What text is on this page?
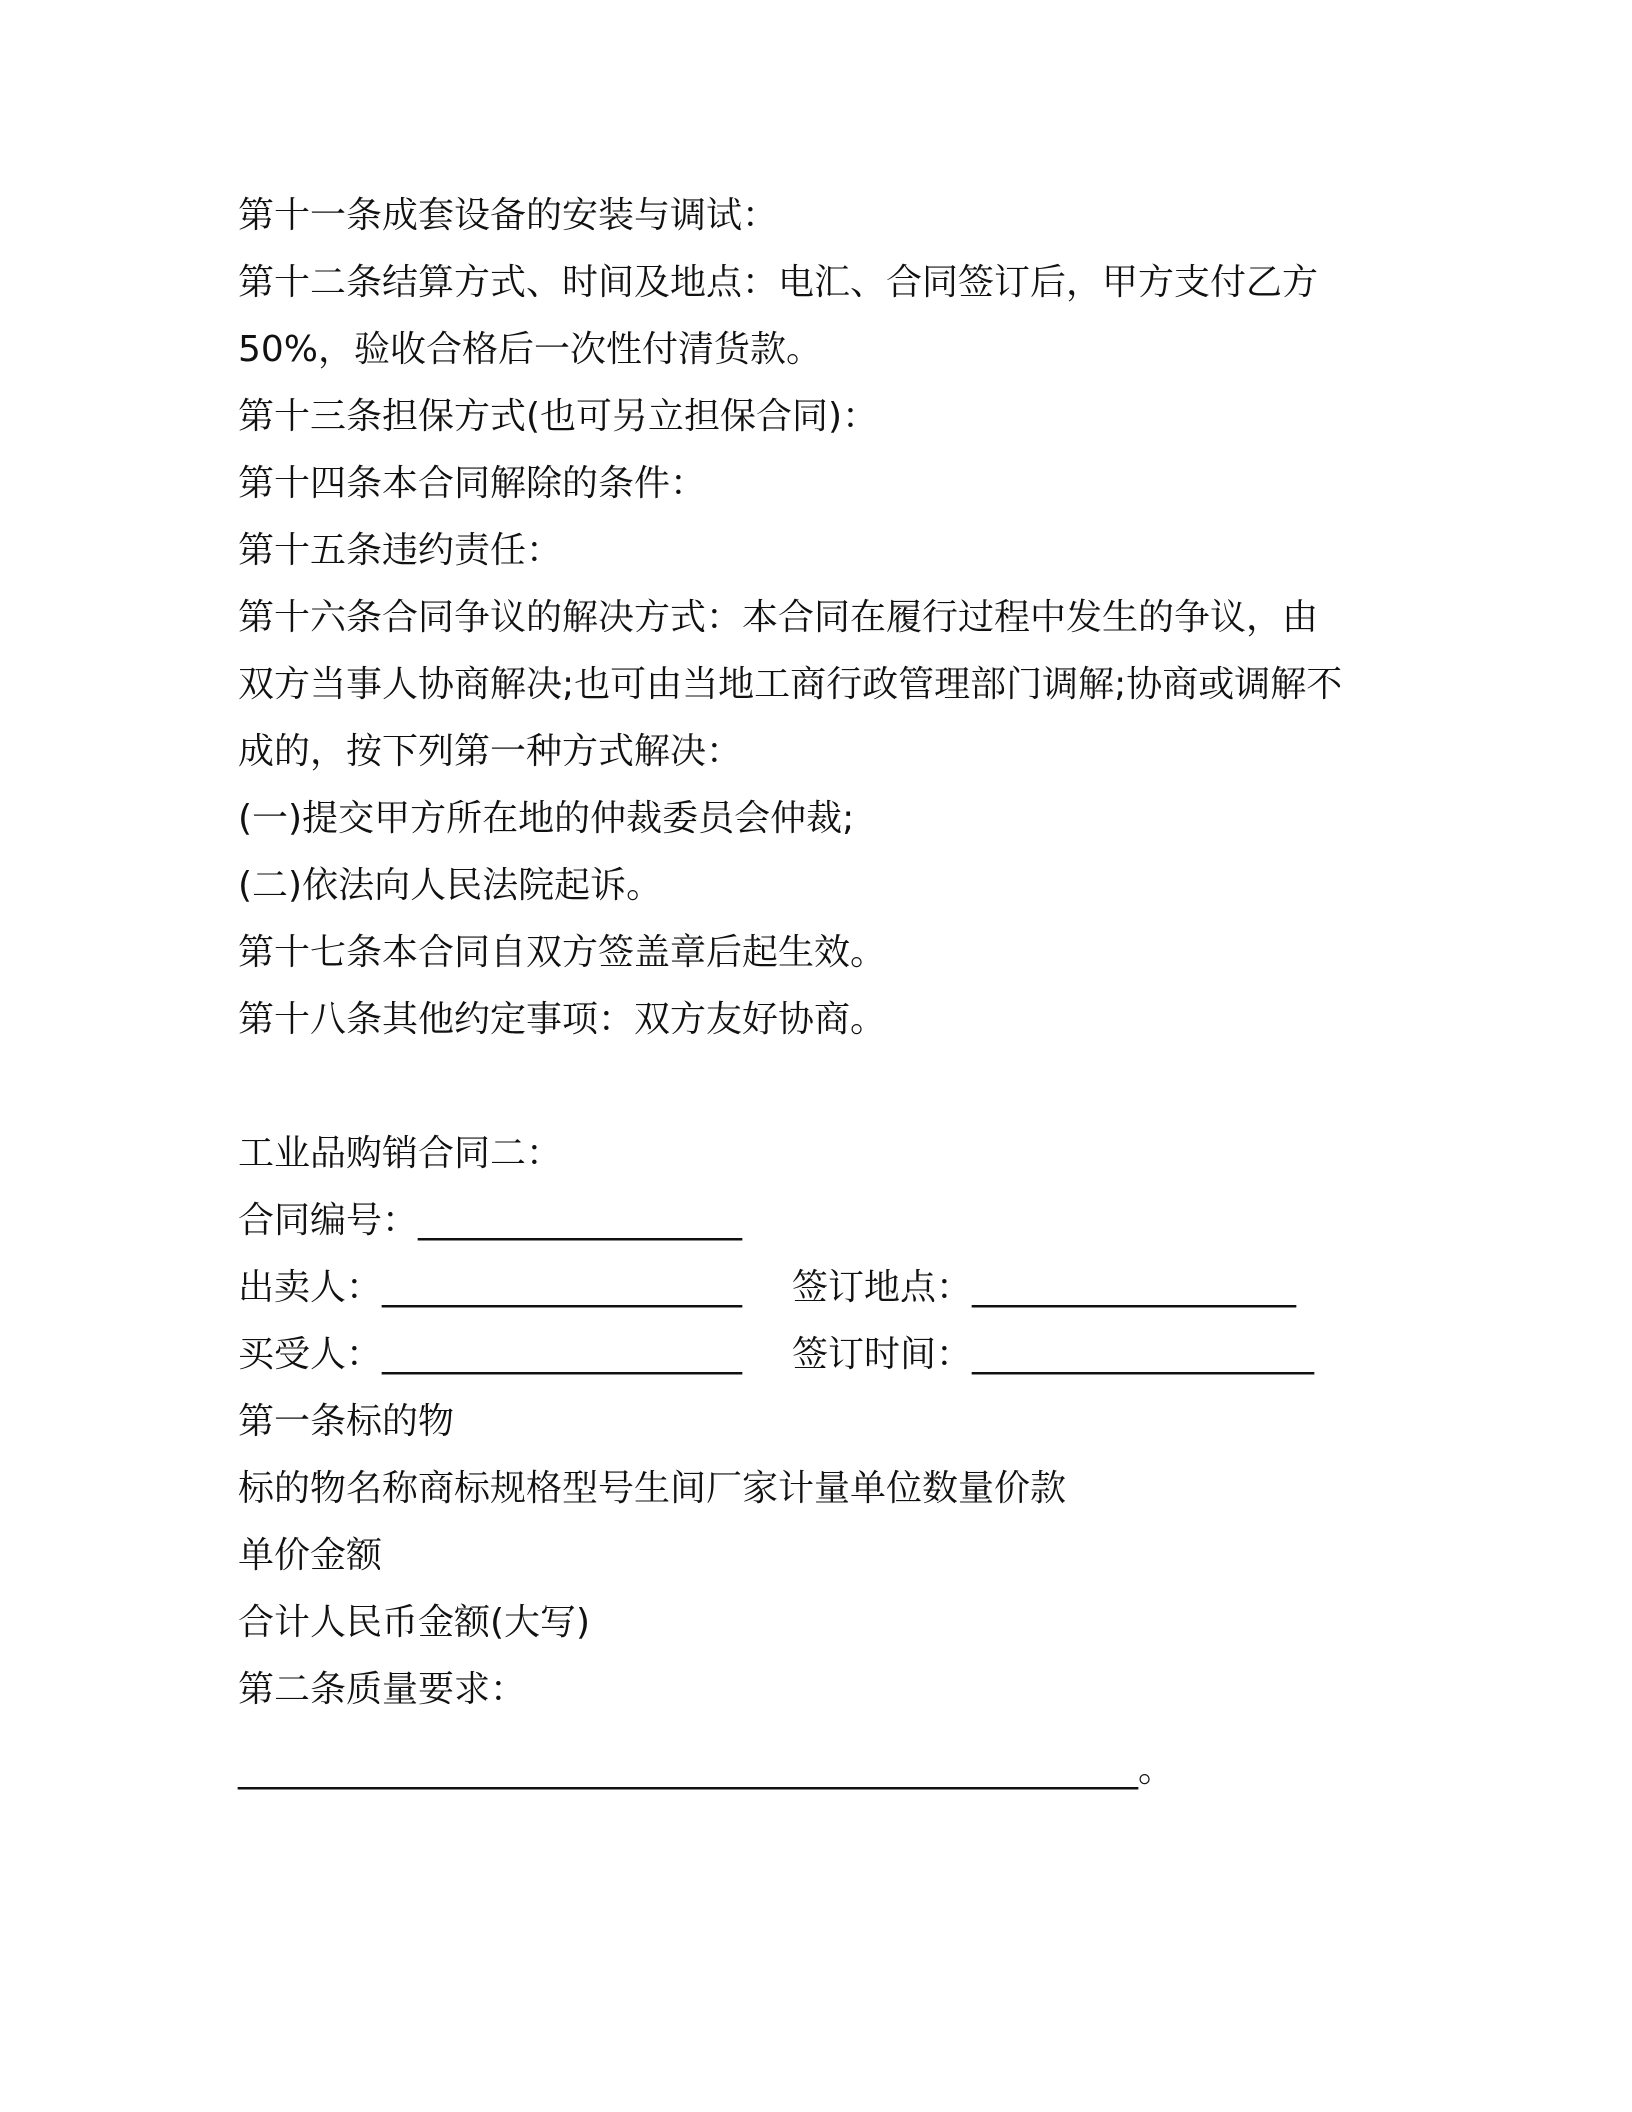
第十一条成套设备的安装与调试：
第十二条结算方式、时间及地点：电汇、合同签订后，甲方支付乙方
50%，验收合格后一次性付清货款。
第十三条担保方式(也可另立担保合同)：
第十四条本合同解除的条件：
第十五条违约责任：
第十六条合同争议的解决方式：本合同在履行过程中发生的争议，由
双方当事人协商解决;也可由当地工商行政管理部门调解;协商或调解不
成的，按下列第一种方式解决：
(一)提交甲方所在地的仲裁委员会仲裁;
(二)依法向人民法院起诉。
第十七条本合同自双方签盖章后起生效。
第十八条其他约定事项：双方友好协商。
工业品购销合同二：
合同编号：__________________
出卖人：____________________ 签订地点：__________________
买受人：____________________ 签订时间：___________________
第一条标的物
标的物名称商标规格型号生间厂家计量单位数量价款
单价金额
合计人民币金额(大写)
第二条质量要求：
__________________________________________________。
